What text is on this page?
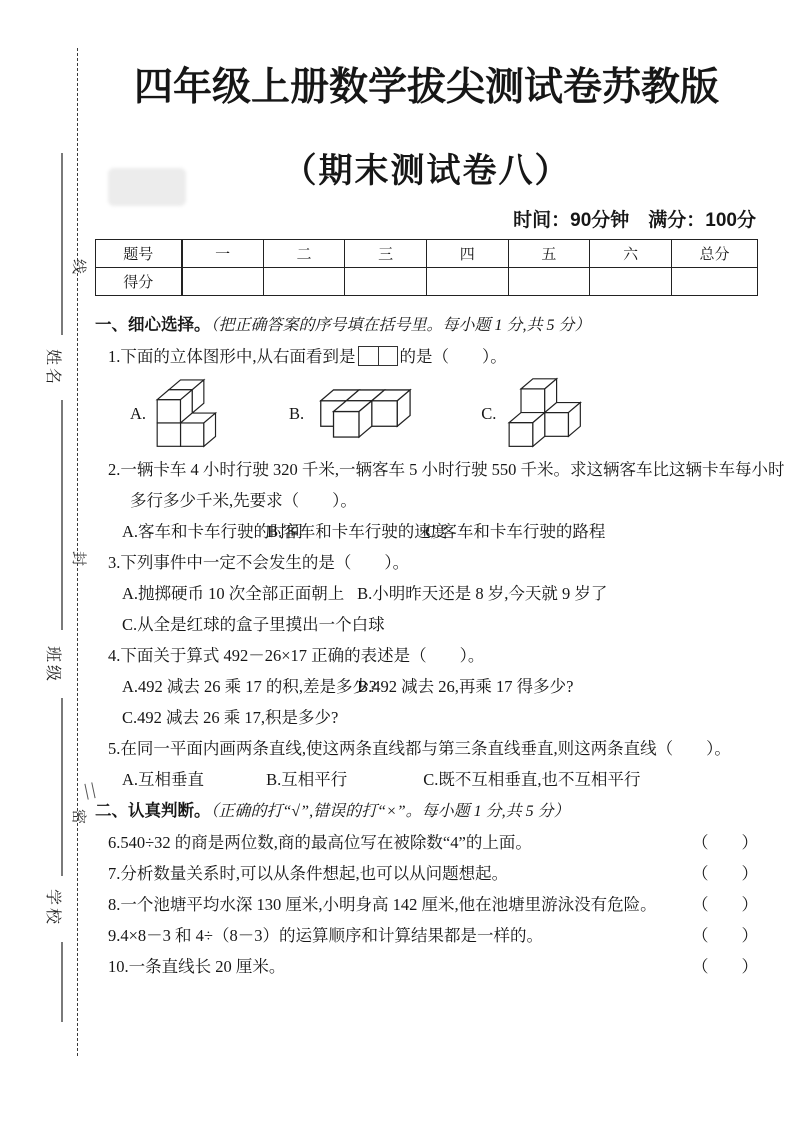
线
封
密
姓名
班级
学校
四年级上册数学拔尖测试卷苏教版
（期末测试卷八）
时间：90分钟　满分：100分
题号	一	二	三	四	五	六	总分
得分							
一、细心选择。（把正确答案的序号填在括号里。每小题 1 分,共 5 分）
1.下面的立体图形中,从右面看到是	的是（　　）。
A.	B.	C.
2.一辆卡车 4 小时行驶 320 千米,一辆客车 5 小时行驶 550 千米。求这辆客车比这辆卡车每小时
多行多少千米,先要求（　　）。
A.客车和卡车行驶的时间 B.客车和卡车行驶的速度 C.客车和卡车行驶的路程
3.下列事件中一定不会发生的是（　　）。
A.抛掷硬币 10 次全部正面朝上 B.小明昨天还是 8 岁,今天就 9 岁了
C.从全是红球的盒子里摸出一个白球
4.下面关于算式 492－26×17 正确的表述是（　　）。
A.492 减去 26 乘 17 的积,差是多少? B.492 减去 26,再乘 17 得多少?
C.492 减去 26 乘 17,积是多少?
5.在同一平面内画两条直线,使这两条直线都与第三条直线垂直,则这两条直线（　　）。
A.互相垂直	B.互相平行	C.既不互相垂直,也不互相平行
二、认真判断。（正确的打“√”,错误的打“×”。每小题 1 分,共 5 分）
6.540÷32 的商是两位数,商的最高位写在被除数“4”的上面。	（　　）
7.分析数量关系时,可以从条件想起,也可以从问题想起。	（　　）
8.一个池塘平均水深 130 厘米,小明身高 142 厘米,他在池塘里游泳没有危险。 （　　）
9.4×8－3 和 4÷（8－3）的运算顺序和计算结果都是一样的。	（　　）
10.一条直线长 20 厘米。	（　　）
